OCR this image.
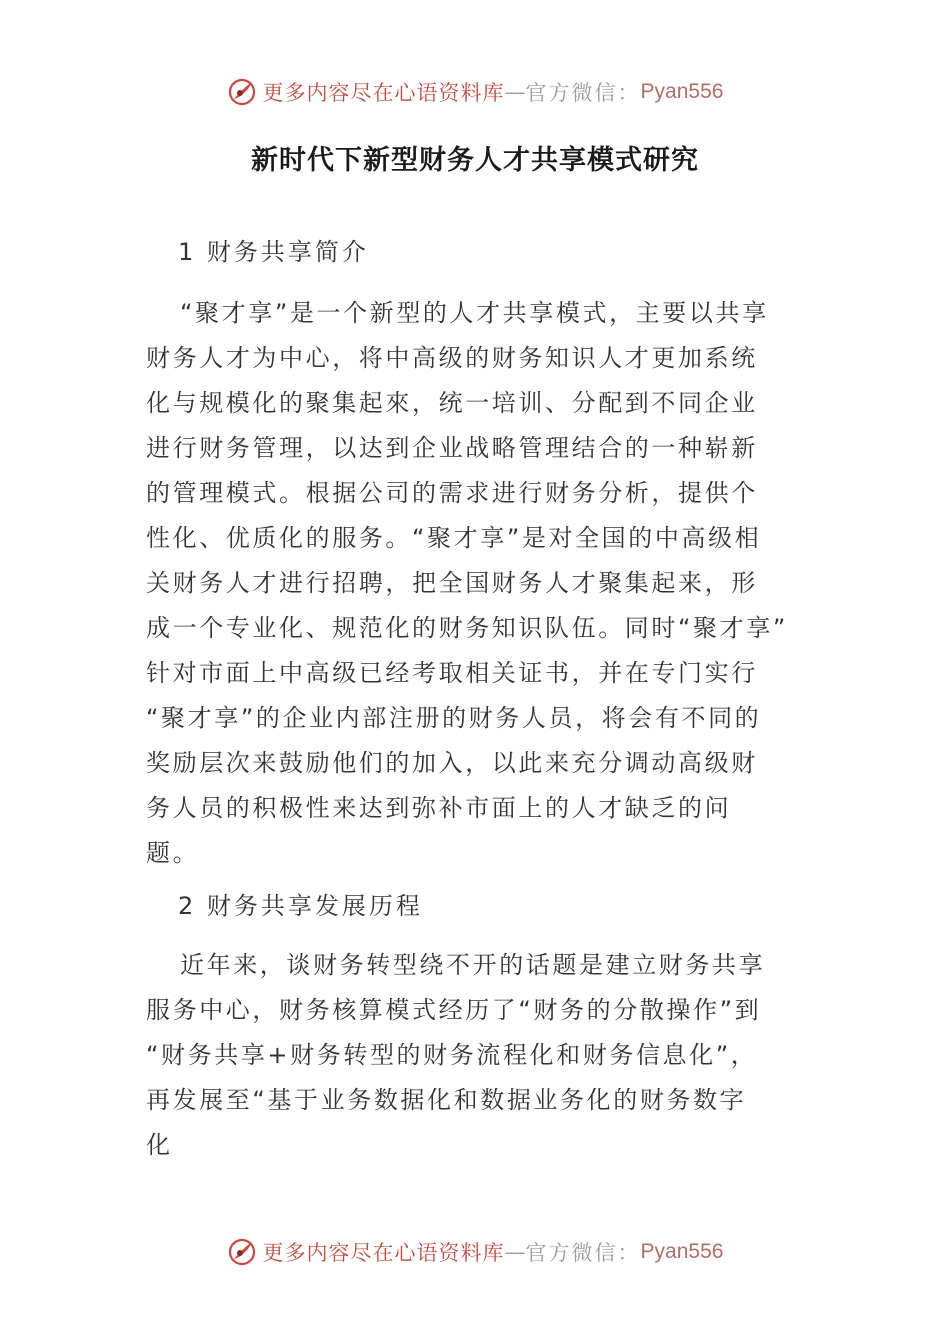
更多内容尽在心语资料库 — 官方微信： Pyan556
新时代下新型财务人才共享模式研究
1 财务共享简介
“聚才享”是一个新型的人才共享模式，主要以共享
财务人才为中心，将中高级的财务知识人才更加系统
化与规模化的聚集起來，统一培训、分配到不同企业
进行财务管理，以达到企业战略管理结合的一种崭新
的管理模式。根据公司的需求进行财务分析，提供个
性化、优质化的服务。“聚才享”是对全国的中高级相
关财务人才进行招聘，把全国财务人才聚集起来，形
成一个专业化、规范化的财务知识队伍。同时“聚才享”
针对市面上中高级已经考取相关证书，并在专门实行
“聚才享”的企业内部注册的财务人员，将会有不同的
奖励层次来鼓励他们的加入，以此来充分调动高级财
务人员的积极性来达到弥补市面上的人才缺乏的问
题。
2 财务共享发展历程
近年来，谈财务转型绕不开的话题是建立财务共享
服务中心，财务核算模式经历了“财务的分散操作”到
“财务共享+财务转型的财务流程化和财务信息化”，
再发展至“基于业务数据化和数据业务化的财务数字
化
更多内容尽在心语资料库 — 官方微信： Pyan556
